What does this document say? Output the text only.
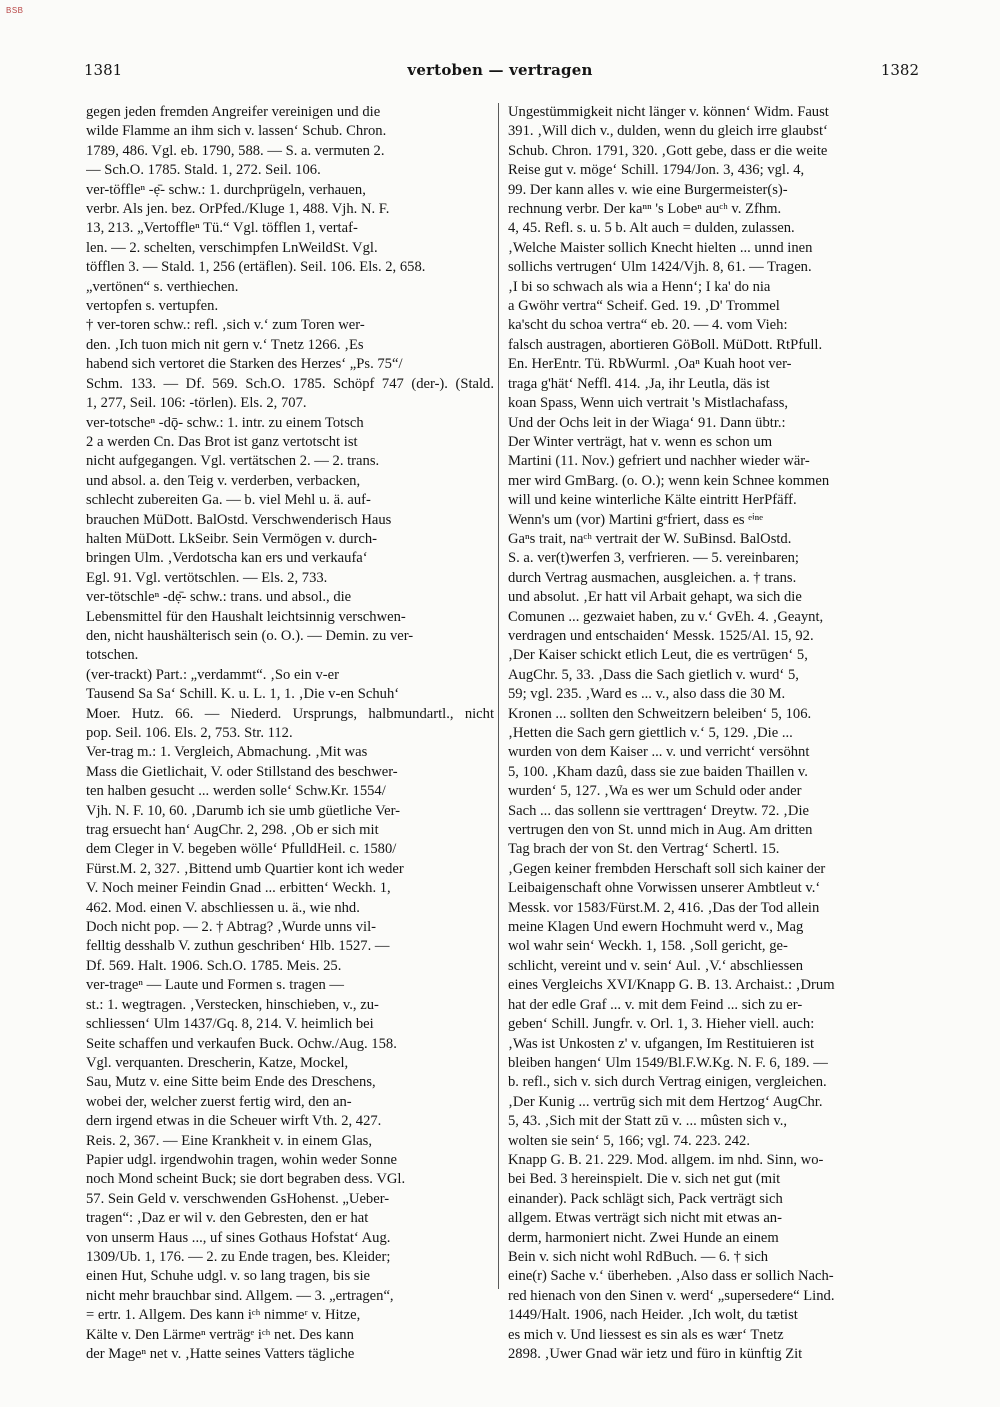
BSB
1381	vertoben — vertragen	1382
gegen jeden fremden Angreifer vereinigen und die
wilde Flamme an ihm sich v. lassen‘ Schub. Chron.
1789, 486. Vgl. eb. 1790, 588. — S. a. vermuten 2.
— Sch.O. 1785. Stald. 1, 272. Seil. 106.
ver-töffleⁿ -ẹ̄- schw.: 1. durchprügeln, verhauen,
verbr. Als jen. bez. OrPfed./Kluge 1, 488. Vjh. N. F.
13, 213. „Vertoffleⁿ Tü.“ Vgl. töfflen 1, vertaf-
len. — 2. schelten, verschimpfen LnWeildSt. Vgl.
töfflen 3. — Stald. 1, 256 (ertäflen). Seil. 106. Els. 2, 658.
„vertönen“ s. verthiechen.
vertopfen s. vertupfen.
† ver-toren schw.: refl. ‚sich v.‘ zum Toren wer-
den. ‚Ich tuon mich nit gern v.‘ Tnetz 1266. ‚Es
habend sich vertoret die Starken des Herzes‘ „Ps. 75“/
Schm. 133. — Df. 569. Sch.O. 1785. Schöpf 747 (der-). (Stald.
1, 277, Seil. 106: -törlen). Els. 2, 707.
ver-totscheⁿ -dǭ- schw.: 1. intr. zu einem Totsch
2 a werden Cn. Das Brot ist ganz vertotscht ist
nicht aufgegangen. Vgl. vertätschen 2. — 2. trans.
und absol. a. den Teig v. verderben, verbacken,
schlecht zubereiten Ga. — b. viel Mehl u. ä. auf-
brauchen MüDott. BalOstd. Verschwenderisch Haus
halten MüDott. LkSeibr. Sein Vermögen v. durch-
bringen Ulm. ‚Verdotscha kan ers und verkaufa‘
Egl. 91. Vgl. vertötschlen. — Els. 2, 733.
ver-tötschleⁿ -dẹ̄- schw.: trans. und absol., die
Lebensmittel für den Haushalt leichtsinnig verschwen-
den, nicht haushälterisch sein (o. O.). — Demin. zu ver-
totschen.
(ver-trackt) Part.: „verdammt“. ‚So ein v-er
Tausend Sa Sa‘ Schill. K. u. L. 1, 1. ‚Die v-en Schuh‘
Moer. Hutz. 66. — Niederd. Ursprungs, halbmundartl., nicht
pop. Seil. 106. Els. 2, 753. Str. 112.
Ver-trag m.: 1. Vergleich, Abmachung. ‚Mit was
Mass die Gietlichait, V. oder Stillstand des beschwer-
ten halben gesucht ... werden solle‘ Schw.Kr. 1554/
Vjh. N. F. 10, 60. ‚Darumb ich sie umb güetliche Ver-
trag ersuecht han‘ AugChr. 2, 298. ‚Ob er sich mit
dem Cleger in V. begeben wölle‘ PfulldHeil. c. 1580/
Fürst.M. 2, 327. ‚Bittend umb Quartier kont ich weder
V. Noch meiner Feindin Gnad ... erbitten‘ Weckh. 1,
462. Mod. einen V. abschliessen u. ä., wie nhd.
Doch nicht pop. — 2. † Abtrag? ‚Wurde unns vil-
felltig desshalb V. zuthun geschriben‘ Hlb. 1527. —
Df. 569. Halt. 1906. Sch.O. 1785. Meis. 25.
ver-trageⁿ — Laute und Formen s. tragen —
st.: 1. wegtragen. ‚Verstecken, hinschieben, v., zu-
schliessen‘ Ulm 1437/Gq. 8, 214. V. heimlich bei
Seite schaffen und verkaufen Buck. Ochw./Aug. 158.
Vgl. verquanten. Drescherin, Katze, Mockel,
Sau, Mutz v. eine Sitte beim Ende des Dreschens,
wobei der, welcher zuerst fertig wird, den an-
dern irgend etwas in die Scheuer wirft Vth. 2, 427.
Reis. 2, 367. — Eine Krankheit v. in einem Glas,
Papier udgl. irgendwohin tragen, wohin weder Sonne
noch Mond scheint Buck; sie dort begraben dess. VGl.
57. Sein Geld v. verschwenden GsHohenst. „Ueber-
tragen“: ‚Daz er wil v. den Gebresten, den er hat
von unserm Haus ..., uf sines Gothaus Hofstat‘ Aug.
1309/Ub. 1, 176. — 2. zu Ende tragen, bes. Kleider;
einen Hut, Schuhe udgl. v. so lang tragen, bis sie
nicht mehr brauchbar sind. Allgem. — 3. „ertragen“,
= ertr. 1. Allgem. Des kann iᶜʰ nimmeʳ v. Hitze,
Kälte v. Den Lärmeⁿ verträgᵉ iᶜʰ net. Des kann
der Mageⁿ net v. ‚Hatte seines Vatters tägliche
Ungestümmigkeit nicht länger v. können‘ Widm. Faust
391. ‚Will dich v., dulden, wenn du gleich irre glaubst‘
Schub. Chron. 1791, 320. ‚Gott gebe, dass er die weite
Reise gut v. möge‘ Schill. 1794/Jon. 3, 436; vgl. 4,
99. Der kann alles v. wie eine Burgermeister(s)-
rechnung verbr. Der kaⁿⁿ 's Lobeⁿ auᶜʰ v. Zfhm.
4, 45. Refl. s. u. 5 b. Alt auch = dulden, zulassen.
‚Welche Maister sollich Knecht hielten ... unnd inen
sollichs vertrugen‘ Ulm 1424/Vjh. 8, 61. — Tragen.
‚I bi so schwach als wia a Henn‘; I ka' do nia
a Gwöhr vertra“ Scheif. Ged. 19. ‚D' Trommel
ka'scht du schoa vertra“ eb. 20. — 4. vom Vieh:
falsch austragen, abortieren GöBoll. MüDott. RtPfull.
En. HerEntr. Tü. RbWurml. ‚Oaⁿ Kuah hoot ver-
traga g'hät‘ Neffl. 414. ‚Ja, ihr Leutla, däs ist
koan Spass, Wenn uich vertrait 's Mistlachafass,
Und der Ochs leit in der Wiaga‘ 91. Dann übtr.:
Der Winter verträgt, hat v. wenn es schon um
Martini (11. Nov.) gefriert und nachher wieder wär-
mer wird GmBarg. (o. O.); wenn kein Schnee kommen
will und keine winterliche Kälte eintritt HerPfäff.
Wenn's um (vor) Martini gᵉfriert, dass es ᵉⁱⁿᵉ
Gaⁿs trait, naᶜʰ vertrait der W. SuBinsd. BalOstd.
S. a. ver(t)werfen 3, verfrieren. — 5. vereinbaren;
durch Vertrag ausmachen, ausgleichen. a. † trans.
und absolut. ‚Er hatt vil Arbait gehapt, wa sich die
Comunen ... gezwaiet haben, zu v.‘ GvEh. 4. ‚Geaynt,
verdragen und entschaiden‘ Messk. 1525/Al. 15, 92.
‚Der Kaiser schickt etlich Leut, die es vertrūgen‘ 5,
AugChr. 5, 33. ‚Dass die Sach gietlich v. wurd‘ 5,
59; vgl. 235. ‚Ward es ... v., also dass die 30 M.
Kronen ... sollten den Schweitzern beleiben‘ 5, 106.
‚Hetten die Sach gern giettlich v.‘ 5, 129. ‚Die ...
wurden von dem Kaiser ... v. und verricht‘ versöhnt
5, 100. ‚Kham dazû, dass sie zue baiden Thaillen v.
wurden‘ 5, 127. ‚Wa es wer um Schuld oder ander
Sach ... das sollenn sie verttragen‘ Dreytw. 72. ‚Die
vertrugen den von St. unnd mich in Aug. Am dritten
Tag brach der von St. den Vertrag‘ Schertl. 15.
‚Gegen keiner frembden Herschaft soll sich kainer der
Leibaigenschaft ohne Vorwissen unserer Ambtleut v.‘
Messk. vor 1583/Fürst.M. 2, 416. ‚Das der Tod allein
meine Klagen Und ewern Hochmuht werd v., Mag
wol wahr sein‘ Weckh. 1, 158. ‚Soll gericht, ge-
schlicht, vereint und v. sein‘ Aul. ‚V.‘ abschliessen
eines Vergleichs XVI/Knapp G. B. 13. Archaist.: ‚Drum
hat der edle Graf ... v. mit dem Feind ... sich zu er-
geben‘ Schill. Jungfr. v. Orl. 1, 3. Hieher viell. auch:
‚Was ist Unkosten z' v. ufgangen, Im Restituieren ist
bleiben hangen‘ Ulm 1549/Bl.F.W.Kg. N. F. 6, 189. —
b. refl., sich v. sich durch Vertrag einigen, vergleichen.
‚Der Kunig ... vertrūg sich mit dem Hertzog‘ AugChr.
5, 43. ‚Sich mit der Statt zū v. ... mûsten sich v.,
wolten sie sein‘ 5, 166; vgl. 74. 223. 242.
Knapp G. B. 21. 229. Mod. allgem. im nhd. Sinn, wo-
bei Bed. 3 hereinspielt. Die v. sich net gut (mit
einander). Pack schlägt sich, Pack verträgt sich
allgem. Etwas verträgt sich nicht mit etwas an-
derm, harmoniert nicht. Zwei Hunde an einem
Bein v. sich nicht wohl RdBuch. — 6. † sich
eine(r) Sache v.‘ überheben. ‚Also dass er sollich Nach-
red hienach von den Sinen v. werd‘ „supersedere“ Lind.
1449/Halt. 1906, nach Heider. ‚Ich wolt, du tætist
es mich v. Und liessest es sin als es wær‘ Tnetz
2898. ‚Uwer Gnad wär ietz und füro in künftig Zit
